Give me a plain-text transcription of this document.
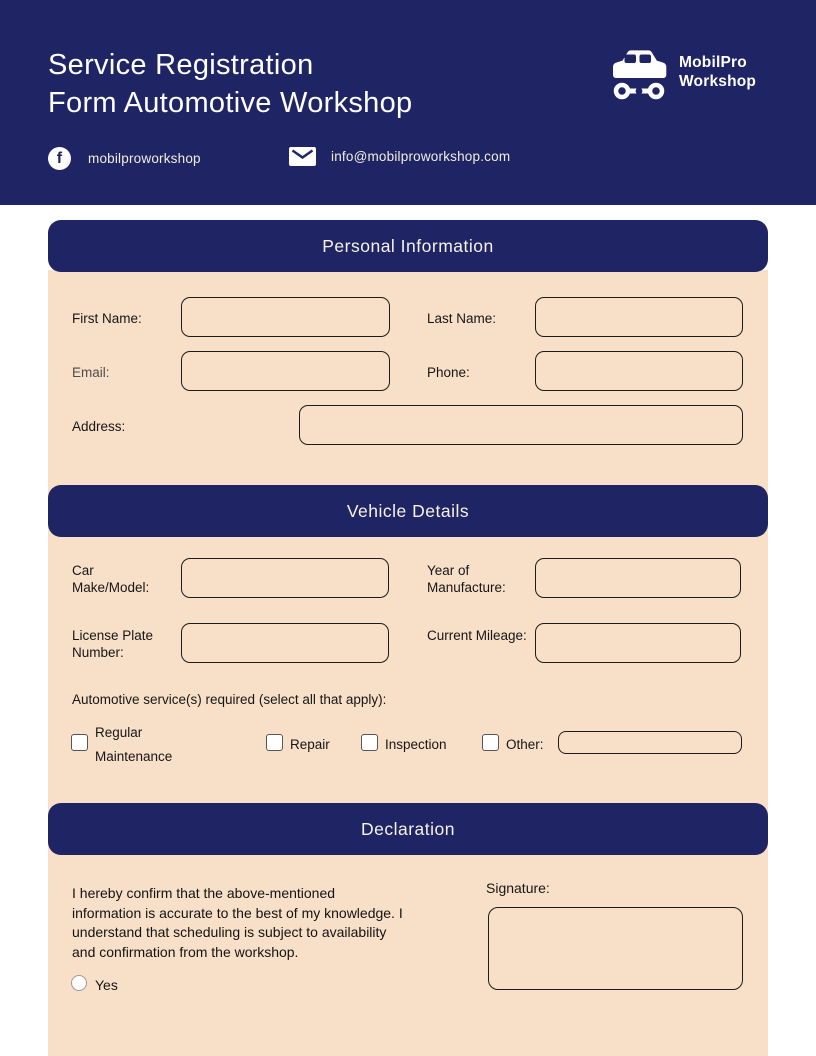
Service Registration
Form Automotive Workshop
MobilPro
Workshop
f
mobilproworkshop	info@mobilproworkshop.com
Personal Information
First Name:	Last Name:
Email:	Phone:
Address:
Vehicle Details
Car Make/Model:
Year of Manufacture:
License Plate Number:
Current Mileage:
Automotive service(s) required (select all that apply):
Regular Maintenance
Repair	Inspection	Other:
Declaration
I hereby confirm that the above-mentioned
information is accurate to the best of my knowledge. I
understand that scheduling is subject to availability
and confirmation from the workshop.
Yes
Signature:
